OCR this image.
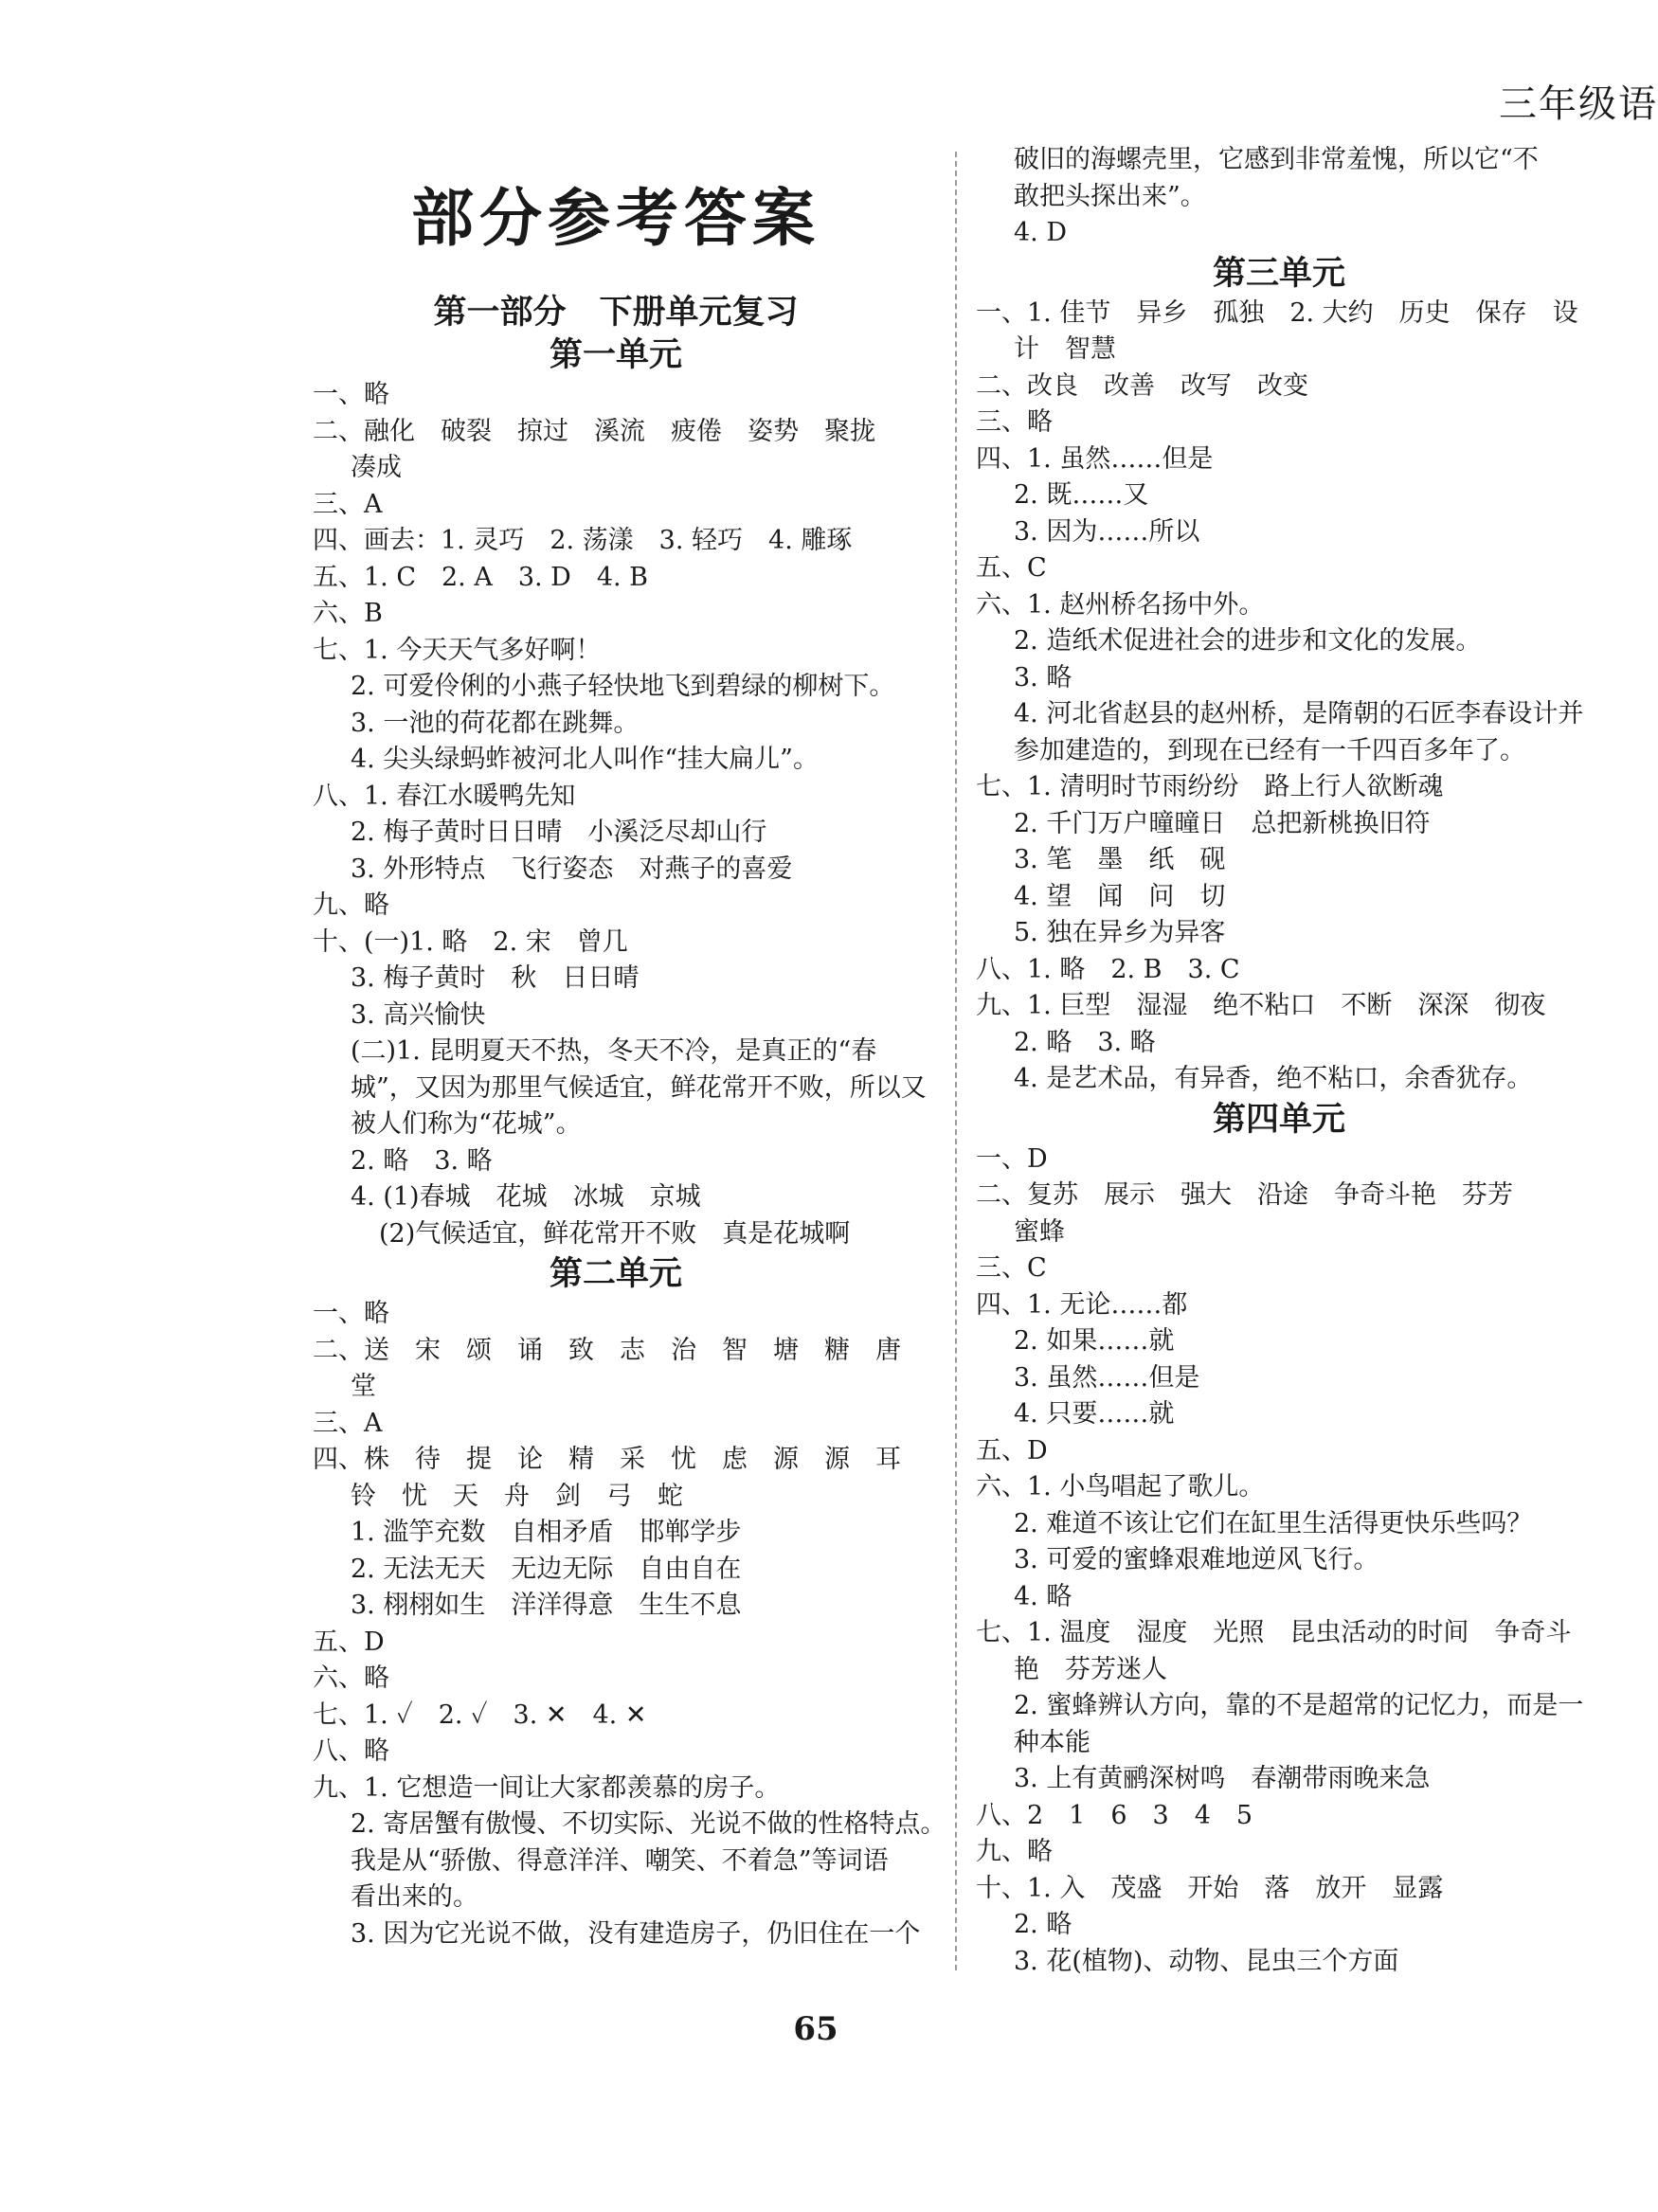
三年级语
部分参考答案
第一部分　下册单元复习
第一单元
一、略
二、融化　破裂　掠过　溪流　疲倦　姿势　聚拢
凑成
三、A
四、画去：1. 灵巧　2. 荡漾　3. 轻巧　4. 雕琢
五、1. C　2. A　3. D　4. B
六、B
七、1. 今天天气多好啊！
2. 可爱伶俐的小燕子轻快地飞到碧绿的柳树下。
3. 一池的荷花都在跳舞。
4. 尖头绿蚂蚱被河北人叫作“挂大扁儿”。
八、1. 春江水暖鸭先知
2. 梅子黄时日日晴　小溪泛尽却山行
3. 外形特点　飞行姿态　对燕子的喜爱
九、略
十、(一)1. 略　2. 宋　曾几
3. 梅子黄时　秋　日日晴
3. 高兴愉快
(二)1. 昆明夏天不热，冬天不冷，是真正的“春
城”，又因为那里气候适宜，鲜花常开不败，所以又
被人们称为“花城”。
2. 略　3. 略
4. (1)春城　花城　冰城　京城
(2)气候适宜，鲜花常开不败　真是花城啊
第二单元
一、略
二、送　宋　颂　诵　致　志　治　智　塘　糖　唐
堂
三、A
四、株　待　提　论　精　采　忧　虑　源　源　耳
铃　忧　天　舟　剑　弓　蛇
1. 滥竽充数　自相矛盾　邯郸学步
2. 无法无天　无边无际　自由自在
3. 栩栩如生　洋洋得意　生生不息
五、D
六、略
七、1. ✓　2. ✓　3. ✕　4. ✕
八、略
九、1. 它想造一间让大家都羡慕的房子。
2. 寄居蟹有傲慢、不切实际、光说不做的性格特点。
我是从“骄傲、得意洋洋、嘲笑、不着急”等词语
看出来的。
3. 因为它光说不做，没有建造房子，仍旧住在一个
破旧的海螺壳里，它感到非常羞愧，所以它“不
敢把头探出来”。
4. D
第三单元
一、1. 佳节　异乡　孤独　2. 大约　历史　保存　设
计　智慧
二、改良　改善　改写　改变
三、略
四、1. 虽然……但是
2. 既……又
3. 因为……所以
五、C
六、1. 赵州桥名扬中外。
2. 造纸术促进社会的进步和文化的发展。
3. 略
4. 河北省赵县的赵州桥，是隋朝的石匠李春设计并
参加建造的，到现在已经有一千四百多年了。
七、1. 清明时节雨纷纷　路上行人欲断魂
2. 千门万户曈曈日　总把新桃换旧符
3. 笔　墨　纸　砚
4. 望　闻　问　切
5. 独在异乡为异客
八、1. 略　2. B　3. C
九、1. 巨型　湿湿　绝不粘口　不断　深深　彻夜
2. 略　3. 略
4. 是艺术品，有异香，绝不粘口，余香犹存。
第四单元
一、D
二、复苏　展示　强大　沿途　争奇斗艳　芬芳
蜜蜂
三、C
四、1. 无论……都
2. 如果……就
3. 虽然……但是
4. 只要……就
五、D
六、1. 小鸟唱起了歌儿。
2. 难道不该让它们在缸里生活得更快乐些吗？
3. 可爱的蜜蜂艰难地逆风飞行。
4. 略
七、1. 温度　湿度　光照　昆虫活动的时间　争奇斗
艳　芬芳迷人
2. 蜜蜂辨认方向，靠的不是超常的记忆力，而是一
种本能
3. 上有黄鹂深树鸣　春潮带雨晚来急
八、2　1　6　3　4　5
九、略
十、1. 入　茂盛　开始　落　放开　显露
2. 略
3. 花(植物)、动物、昆虫三个方面
65
